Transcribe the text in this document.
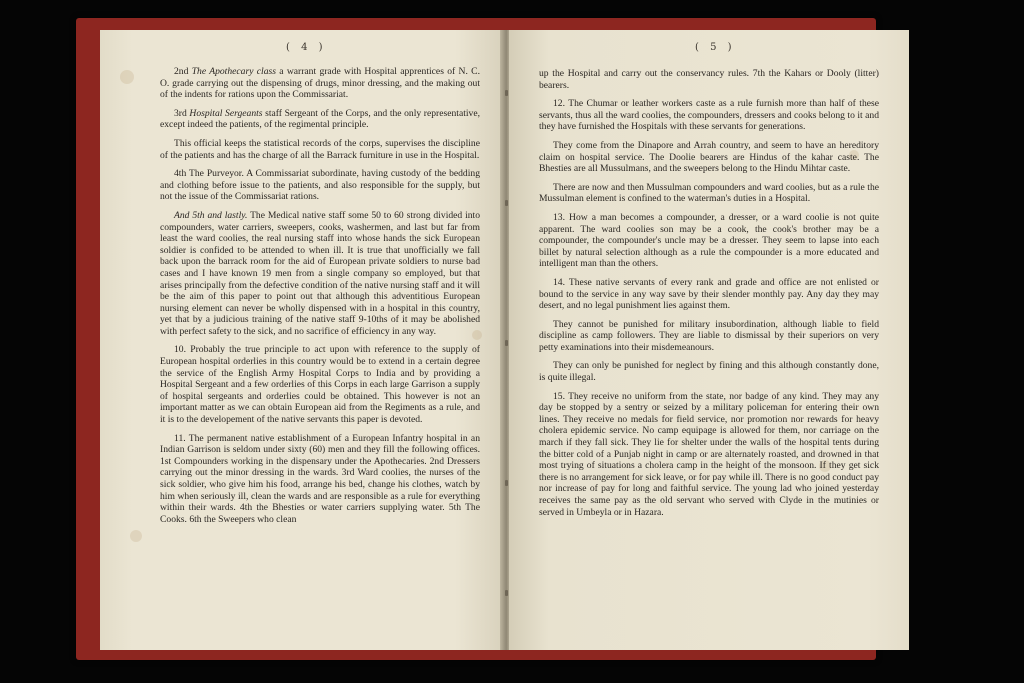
( 4 )

2nd The Apothecary class a warrant grade with Hospital apprentices of N. C. O. grade carrying out the dispensing of drugs, minor dressing, and the making out of the indents for rations upon the Commissariat.

3rd Hospital Sergeants staff Sergeant of the Corps, and the only representative, except indeed the patients, of the regimental principle.

This official keeps the statistical records of the corps, supervises the discipline of the patients and has the charge of all the Barrack furniture in use in the Hospital.

4th The Purveyor. A Commissariat subordinate, having custody of the bedding and clothing before issue to the patients, and also responsible for the supply, but not the issue of the Commissariat rations.

And 5th and lastly. The Medical native staff some 50 to 60 strong divided into compounders, water carriers, sweepers, cooks, washermen, and last but far from least the ward coolies, the real nursing staff into whose hands the sick European soldier is confided to be attended to when ill. It is true that unofficially we fall back upon the barrack room for the aid of European private soldiers to nurse bad cases and I have known 19 men from a single company so employed, but that arises principally from the defective condition of the native nursing staff and it will be the aim of this paper to point out that although this adventitious European nursing element can never be wholly dispensed with in a hospital in this country, yet that by a judicious training of the native staff 9-10ths of it may be abolished with perfect safety to the sick, and no sacrifice of efficiency in any way.

10. Probably the true principle to act upon with reference to the supply of European hospital orderlies in this country would be to extend in a certain degree the service of the English Army Hospital Corps to India and by providing a Hospital Sergeant and a few orderlies of this Corps in each large Garrison a supply of hospital sergeants and orderlies could be obtained. This however is not an important matter as we can obtain European aid from the Regiments as a rule, and it is to the developement of the native servants this paper is devoted.

11. The permanent native establishment of a European Infantry hospital in an Indian Garrison is seldom under sixty (60) men and they fill the following offices. 1st Compounders working in the dispensary under the Apothecaries. 2nd Dressers carrying out the minor dressing in the wards. 3rd Ward coolies, the nurses of the sick soldier, who give him his food, arrange his bed, change his clothes, watch by him when seriously ill, clean the wards and are responsible as a rule for everything within their wards. 4th the Bhesties or water carriers supplying water. 5th The Cooks. 6th the Sweepers who clean

( 5 )

up the Hospital and carry out the conservancy rules. 7th the Kahars or Dooly (litter) bearers.

12. The Chumar or leather workers caste as a rule furnish more than half of these servants, thus all the ward coolies, the compounders, dressers and cooks belong to it and they have furnished the Hospitals with these servants for generations.

They come from the Dinapore and Arrah country, and seem to have an hereditory claim on hospital service. The Doolie bearers are Hindus of the kahar caste. The Bhesties are all Mussulmans, and the sweepers belong to the Hindu Mihtar caste.

There are now and then Mussulman compounders and ward coolies, but as a rule the Mussulman element is confined to the waterman's duties in a Hospital.

13. How a man becomes a compounder, a dresser, or a ward coolie is not quite apparent. The ward coolies son may be a cook, the cook's brother may be a compounder, the compounder's uncle may be a dresser. They seem to lapse into each billet by natural selection although as a rule the compounder is a more educated and intelligent man than the others.

14. These native servants of every rank and grade and office are not enlisted or bound to the service in any way save by their slender monthly pay. Any day they may desert, and no legal punishment lies against them.

They cannot be punished for military insubordination, although liable to field discipline as camp followers. They are liable to dismissal by their superiors on very petty examinations into their misdemeanours.

They can only be punished for neglect by fining and this although constantly done, is quite illegal.

15. They receive no uniform from the state, nor badge of any kind. They may any day be stopped by a sentry or seized by a military policeman for entering their own lines. They receive no medals for field service, nor promotion nor rewards for heavy cholera epidemic service. No camp equipage is allowed for them, nor carriage on the march if they fall sick. They lie for shelter under the walls of the hospital tents during the bitter cold of a Punjab night in camp or are alternately roasted, and drowned in that most trying of situations a cholera camp in the height of the monsoon. If they get sick there is no arrangement for sick leave, or for pay while ill. There is no good conduct pay nor increase of pay for long and faithful service. The young lad who joined yesterday receives the same pay as the old servant who served with Clyde in the mutinies or served in Umbeyla or in Hazara.
